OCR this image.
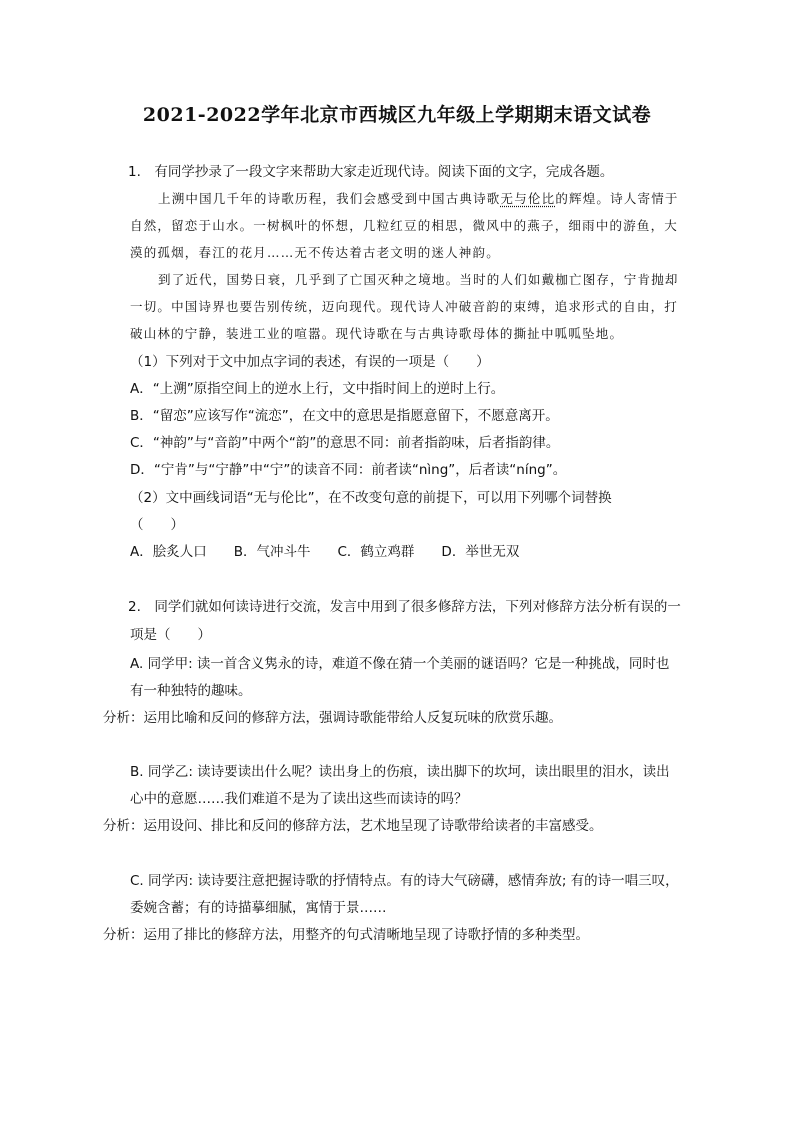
2021-2022学年北京市西城区九年级上学期期末语文试卷
1.　有同学抄录了一段文字来帮助大家走近现代诗。阅读下面的文字，完成各题。
上溯中国几千年的诗歌历程，我们会感受到中国古典诗歌无与伦比的辉煌。诗人寄情于
自然，留恋于山水。一树枫叶的怀想，几粒红豆的相思，微风中的燕子，细雨中的游鱼，大
漠的孤烟，春江的花月……无不传达着古老文明的迷人神韵。
到了近代，国势日衰，几乎到了亡国灭种之境地。当时的人们如戴枷亡图存，宁肯抛却
一切。中国诗界也要告别传统，迈向现代。现代诗人冲破音韵的束缚，追求形式的自由，打
破山林的宁静，装进工业的喧嚣。现代诗歌在与古典诗歌母体的撕扯中呱呱坠地。
（1）下列对于文中加点字词的表述，有误的一项是（　　）
A．“上溯”原指空间上的逆水上行，文中指时间上的逆时上行。
B．“留恋”应该写作“流恋”，在文中的意思是指愿意留下，不愿意离开。
C．“神韵”与“音韵”中两个“韵”的意思不同：前者指韵味，后者指韵律。
D．“宁肯”与“宁静”中“宁”的读音不同：前者读“nìng”，后者读“níng”。
（2）文中画线词语“无与伦比”，在不改变句意的前提下，可以用下列哪个词替换
（　　）
A．脍炙人口　　B．气冲斗牛　　C．鹤立鸡群　　D．举世无双
2.　同学们就如何读诗进行交流，发言中用到了很多修辞方法，下列对修辞方法分析有误的一
项是（　　）
A. 同学甲: 读一首含义隽永的诗，难道不像在猜一个美丽的谜语吗？它是一种挑战，同时也
有一种独特的趣味。
分析：运用比喻和反问的修辞方法，强调诗歌能带给人反复玩味的欣赏乐趣。
B. 同学乙: 读诗要读出什么呢？读出身上的伤痕，读出脚下的坎坷，读出眼里的泪水，读出
心中的意愿……我们难道不是为了读出这些而读诗的吗？
分析：运用设问、排比和反问的修辞方法，艺术地呈现了诗歌带给读者的丰富感受。
C. 同学丙: 读诗要注意把握诗歌的抒情特点。有的诗大气磅礴，感情奔放; 有的诗一唱三叹，
委婉含蓄；有的诗描摹细腻，寓情于景……
分析：运用了排比的修辞方法，用整齐的句式清晰地呈现了诗歌抒情的多种类型。
